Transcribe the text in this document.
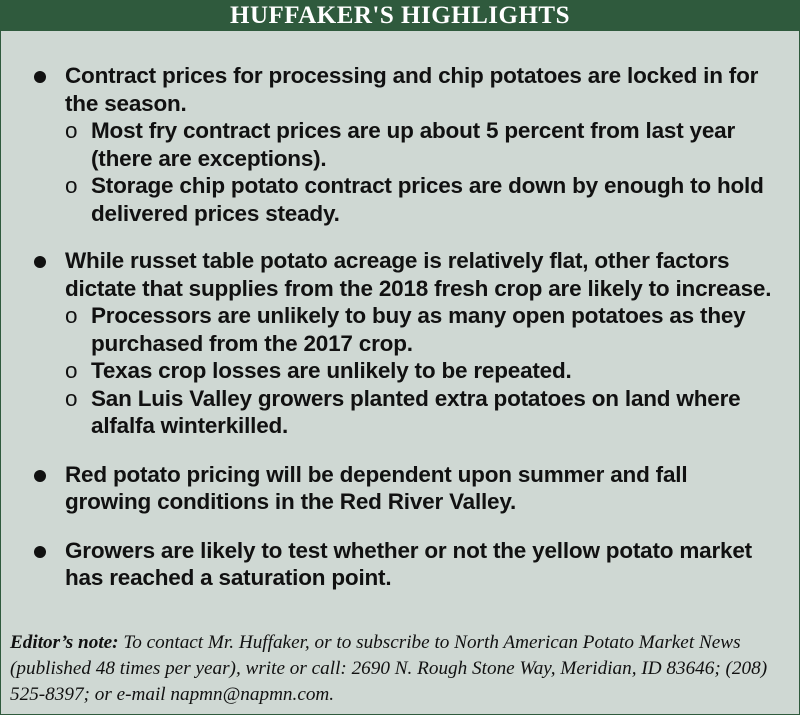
HUFFAKER'S HIGHLIGHTS
Contract prices for processing and chip potatoes are locked in for the season.
o Most fry contract prices are up about 5 percent from last year (there are exceptions).
o Storage chip potato contract prices are down by enough to hold delivered prices steady.
While russet table potato acreage is relatively flat, other factors dictate that supplies from the 2018 fresh crop are likely to increase.
o Processors are unlikely to buy as many open potatoes as they purchased from the 2017 crop.
o Texas crop losses are unlikely to be repeated.
o San Luis Valley growers planted extra potatoes on land where alfalfa winterkilled.
Red potato pricing will be dependent upon summer and fall growing conditions in the Red River Valley.
Growers are likely to test whether or not the yellow potato market has reached a saturation point.
Editor’s note: To contact Mr. Huffaker, or to subscribe to North American Potato Market News (published 48 times per year), write or call: 2690 N. Rough Stone Way, Meridian, ID 83646; (208) 525-8397; or e-mail napmn@napmn.com.
